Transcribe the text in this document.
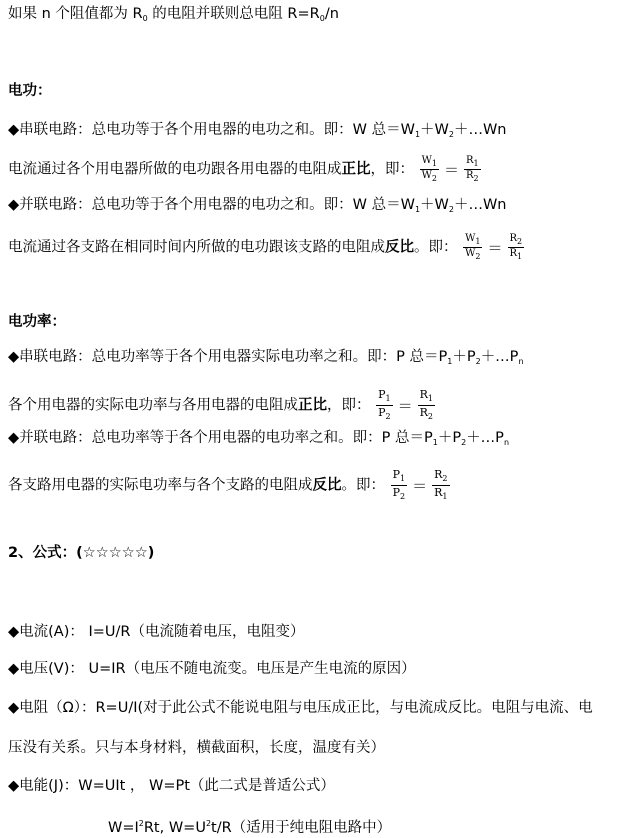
如果 n 个阻值都为 $R_0$ 的电阻并联则总电阻 $R=R_0/n$
电功：
◆串联电路：总电功等于各个用电器的电功之和。即：W 总$=W_1+W_2+\dots Wn$
电流通过各个用电器所做的电功跟各用电器的电阻成正比，即： $\frac{W_1}{W_2} = \frac{R_1}{R_2}$
◆并联电路：总电功等于各个用电器的电功之和。即：W 总$=W_1+W_2+\dots Wn$
电流通过各支路在相同时间内所做的电功跟该支路的电阻成反比。即： $\frac{W_1}{W_2} = \frac{R_2}{R_1}$
电功率：
◆串联电路：总电功率等于各个用电器实际电功率之和。即：P 总$=P_1+P_2+\dots P_n$
各个用电器的实际电功率与各用电器的电阻成正比，即： $\frac{P_1}{P_2} = \frac{R_1}{R_2}$
◆并联电路：总电功率等于各个用电器的电功率之和。即：P 总$=P_1+P_2+\dots P_n$
各支路用电器的实际电功率与各个支路的电阻成反比。即： $\frac{P_1}{P_2} = \frac{R_2}{R_1}$
2、公式：(☆☆☆☆☆)
◆电流(A)： I=U/R（电流随着电压，电阻变）
◆电压(V)： U=IR（电压不随电流变。电压是产生电流的原因）
◆电阻（Ω）：R=U/I(对于此公式不能说电阻与电压成正比，与电流成反比。电阻与电流、电
压没有关系。只与本身材料，横截面积，长度，温度有关）
◆电能(J)：W=UIt ， W=Pt（此二式是普适公式）
$W=I^2Rt$, $W=U^2t/R$（适用于纯电阻电路中）
